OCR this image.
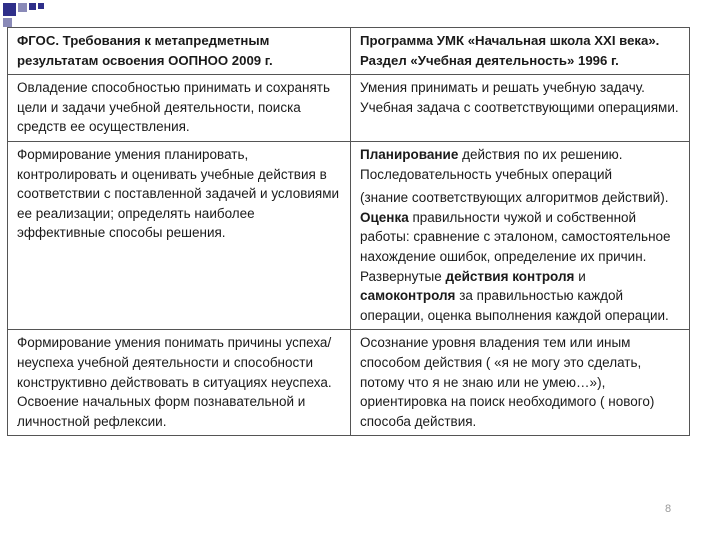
ФГОС. Требования к метапредметным результатам освоения ООПНОО 2009 г.	Программа УМК «Начальная школа XXI века». Раздел «Учебная деятельность» 1996 г.
Овладение способностью принимать и сохранять цели и задачи учебной деятельности, поиска средств ее осуществления.	Умения принимать и решать учебную задачу. Учебная задача с соответствующими операциями.
Формирование умения планировать, контролировать и оценивать учебные действия в соответствии с поставленной задачей и условиями ее реализации; определять наиболее эффективные способы решения.	Планирование действия по их решению.
Последовательность учебных операций
(знание соответствующих алгоритмов действий). Оценка правильности чужой и собственной работы: сравнение с эталоном, самостоятельное нахождение ошибок, определение их причин. Развернутые действия контроля и самоконтроля за правильностью каждой операции, оценка выполнения каждой операции.

Формирование умения понимать причины успеха/неуспеха учебной деятельности и способности конструктивно действовать в ситуациях неуспеха. Освоение начальных форм познавательной и личностной рефлексии.	Осознание уровня владения тем или иным способом действия ( «я не могу это сделать, потому что я не знаю или не умею…»), ориентировка на поиск необходимого ( нового) способа действия.
8
